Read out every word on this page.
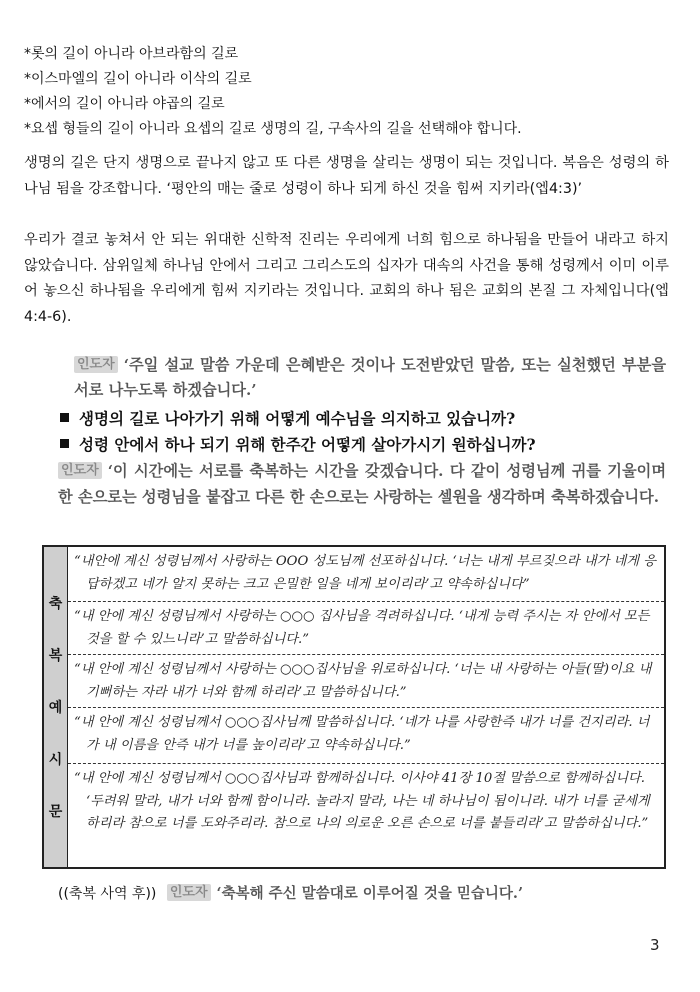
*롯의 길이 아니라 아브라함의 길로
*이스마엘의 길이 아니라 이삭의 길로
*에서의 길이 아니라 야곱의 길로
*요셉 형들의 길이 아니라 요셉의 길로 생명의 길, 구속사의 길을 선택해야 합니다.
생명의 길은 단지 생명으로 끝나지 않고 또 다른 생명을 살리는 생명이 되는 것입니다. 복음은 성령의 하나님 됨을 강조합니다. ‘평안의 매는 줄로 성령이 하나 되게 하신 것을 힘써 지키라(엡4:3)’
우리가 결코 놓쳐서 안 되는 위대한 신학적 진리는 우리에게 너희 힘으로 하나됨을 만들어 내라고 하지 않았습니다. 삼위일체 하나님 안에서 그리고 그리스도의 십자가 대속의 사건을 통해 성령께서 이미 이루어 놓으신 하나됨을 우리에게 힘써 지키라는 것입니다. 교회의 하나 됨은 교회의 본질 그 자체입니다(엡4:4-6).
인도자 ‘주일 설교 말씀 가운데 은혜받은 것이나 도전받았던 말씀, 또는 실천했던 부분을 서로 나누도록 하겠습니다.’
생명의 길로 나아가기 위해 어떻게 예수님을 의지하고 있습니까?
성령 안에서 하나 되기 위해 한주간 어떻게 살아가시기 원하십니까?
인도자 ‘이 시간에는 서로를 축복하는 시간을 갖겠습니다. 다 같이 성령님께 귀를 기울이며 한 손으로는 성령님을 붙잡고 다른 한 손으로는 사랑하는 셀원을 생각하며 축복하겠습니다.
축
복
예
시
문
“내안에 계신 성령님께서 사랑하는 OOO 성도님께 선포하십니다. ‘너는 내게 부르짖으라 내가 네게 응답하겠고 네가 알지 못하는 크고 은밀한 일을 네게 보이리라’고 약속하십니다”
“내 안에 계신 성령님께서 사랑하는 ○○○ 집사님을 격려하십니다. ‘내게 능력 주시는 자 안에서 모든 것을 할 수 있느니라’고 말씀하십니다.”
“내 안에 계신 성령님께서 사랑하는 ○○○집사님을 위로하십니다. ‘너는 내 사랑하는 아들(딸)이요 내 기뻐하는 자라 내가 너와 함께 하리라’고 말씀하십니다.”
“내 안에 계신 성령님께서 ○○○집사님께 말씀하십니다. ‘네가 나를 사랑한즉 내가 너를 건지리라. 너가 내 이름을 안즉 내가 너를 높이리라’고 약속하십니다.”
“내 안에 계신 성령님께서 ○○○집사님과 함께하십니다. 이사야 41장 10절 말씀으로 함께하십니다. ‘두려워 말라, 내가 너와 함께 함이니라. 놀라지 말라, 나는 네 하나님이 됨이니라. 내가 너를 굳세게 하리라 참으로 너를 도와주리라. 참으로 나의 의로운 오른 손으로 너를 붙들리라’고 말씀하십니다.”
((축복 사역 후)) 인도자 ‘축복해 주신 말씀대로 이루어질 것을 믿습니다.’
3
